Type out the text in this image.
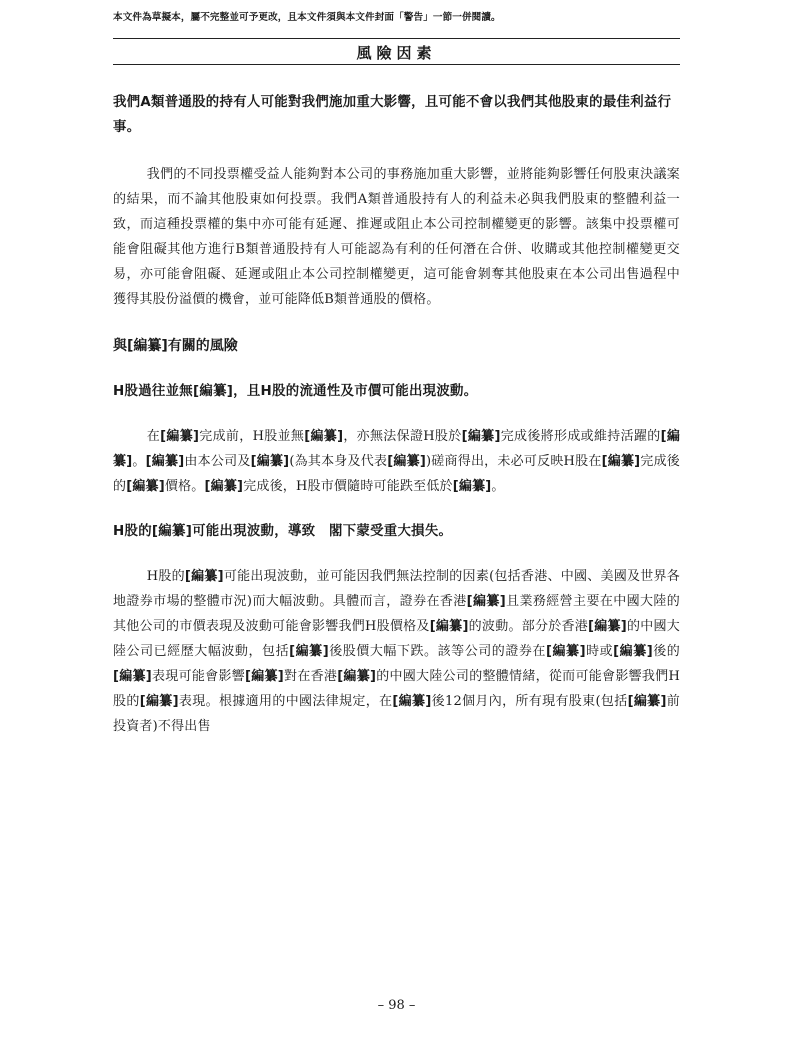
本文件為草擬本，屬不完整並可予更改，且本文件須與本文件封面「警告」一節一併閱讀。
風險因素

我們A類普通股的持有人可能對我們施加重大影響，且可能不會以我們其他股東的最佳利益行事。

我們的不同投票權受益人能夠對本公司的事務施加重大影響，並將能夠影響任何股東決議案的結果，而不論其他股東如何投票。我們A類普通股持有人的利益未必與我們股東的整體利益一致，而這種投票權的集中亦可能有延遲、推遲或阻止本公司控制權變更的影響。該集中投票權可能會阻礙其他方進行B類普通股持有人可能認為有利的任何潛在合併、收購或其他控制權變更交易，亦可能會阻礙、延遲或阻止本公司控制權變更，這可能會剝奪其他股東在本公司出售過程中獲得其股份溢價的機會，並可能降低B類普通股的價格。

與[編纂]有關的風險

H股過往並無[編纂]，且H股的流通性及市價可能出現波動。

在[編纂]完成前，H股並無[編纂]，亦無法保證H股於[編纂]完成後將形成或維持活躍的[編纂]。[編纂]由本公司及[編纂](為其本身及代表[編纂])磋商得出，未必可反映H股在[編纂]完成後的[編纂]價格。[編纂]完成後，H股市價隨時可能跌至低於[編纂]。

H股的[編纂]可能出現波動，導致　閣下蒙受重大損失。

H股的[編纂]可能出現波動，並可能因我們無法控制的因素(包括香港、中國、美國及世界各地證券市場的整體市況)而大幅波動。具體而言，證券在香港[編纂]且業務經營主要在中國大陸的其他公司的市價表現及波動可能會影響我們H股價格及[編纂]的波動。部分於香港[編纂]的中國大陸公司已經歷大幅波動，包括[編纂]後股價大幅下跌。該等公司的證券在[編纂]時或[編纂]後的[編纂]表現可能會影響[編纂]對在香港[編纂]的中國大陸公司的整體情緒，從而可能會影響我們H股的[編纂]表現。根據適用的中國法律規定，在[編纂]後12個月內，所有現有股東(包括[編纂]前投資者)不得出售

– 98 –
